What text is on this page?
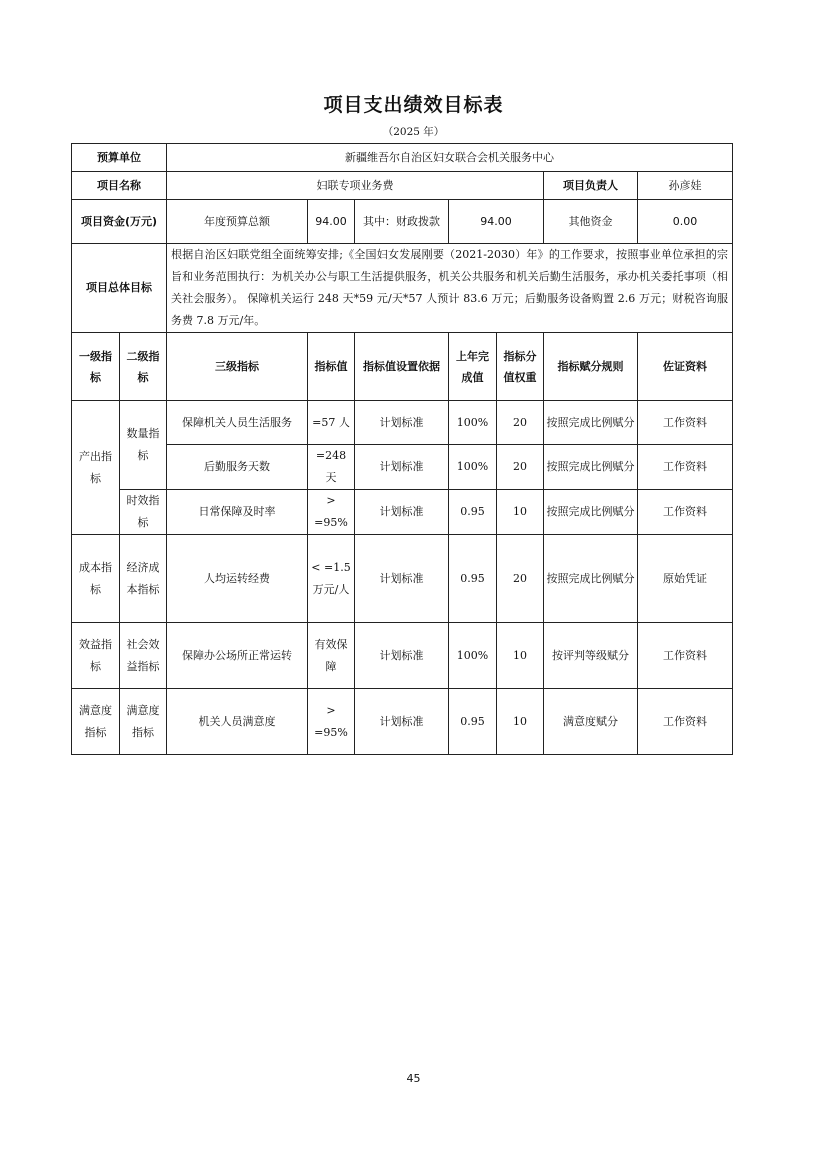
项目支出绩效目标表
（2025 年）
预算单位		新疆维吾尔自治区妇女联合会机关服务中心						
项目名称		妇联专项业务费					项目负责人	孙彦娃
项目资金(万元)		年度预算总额	94.00	其中：财政拨款	94.00		其他资金	0.00
项目总体目标		根据自治区妇联党组全面统筹安排;《全国妇女发展刚要（2021-2030）年》的工作要求，按照事业单位承担的宗旨和业务范围执行：为机关办公与职工生活提供服务，机关公共服务和机关后勤生活服务，承办机关委托事项（相关社会服务）。 保障机关运行 248 天*59 元/天*57 人预计 83.6 万元；后勤服务设备购置 2.6 万元；财税咨询服务费 7.8 万元/年。						
一级指标	二级指标	三级指标	指标值	指标值设置依据	上年完成值	指标分值权重	指标赋分规则	佐证资料
产出指标	数量指标	保障机关人员生活服务	=57 人	计划标准	100%	20	按照完成比例赋分	工作资料
		后勤服务天数	=248 天	计划标准	100%	20	按照完成比例赋分	工作资料
	时效指标	日常保障及时率	> =95%	计划标准	0.95	10	按照完成比例赋分	工作资料
成本指标	经济成本指标	人均运转经费	< =1.5 万元/人	计划标准	0.95	20	按照完成比例赋分	原始凭证
效益指标	社会效益指标	保障办公场所正常运转	有效保障	计划标准	100%	10	按评判等级赋分	工作资料
满意度指标	满意度指标	机关人员满意度	> =95%	计划标准	0.95	10	满意度赋分	工作资料
45
